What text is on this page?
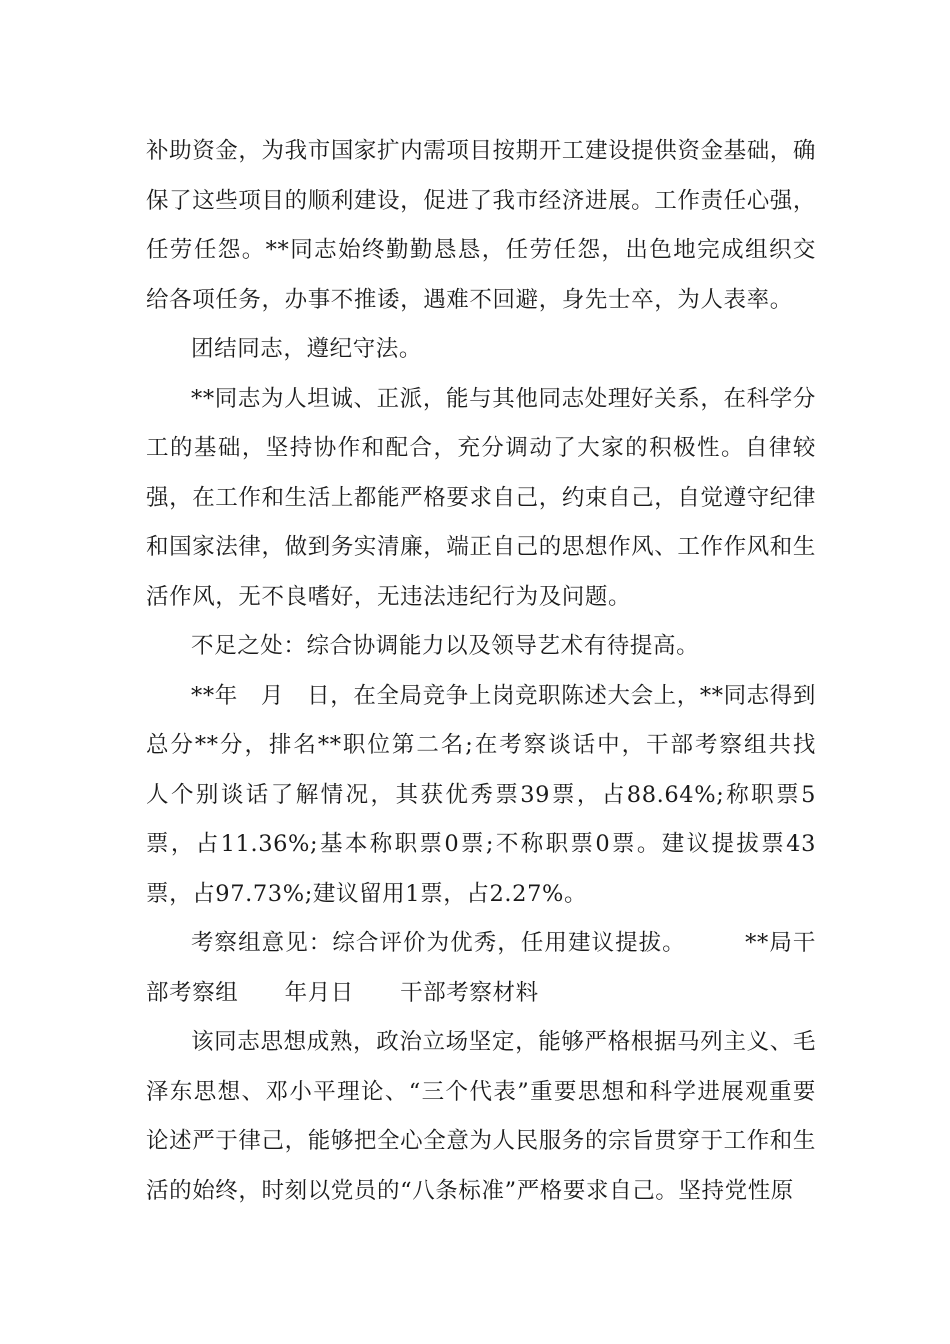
补助资金，为我市国家扩内需项目按期开工建设提供资金基础，确保了这些项目的顺利建设，促进了我市经济进展。工作责任心强，任劳任怨。**同志始终勤勤恳恳，任劳任怨，出色地完成组织交给各项任务，办事不推诿，遇难不回避，身先士卒，为人表率。

团结同志，遵纪守法。

**同志为人坦诚、正派，能与其他同志处理好关系，在科学分工的基础，坚持协作和配合，充分调动了大家的积极性。自律较强，在工作和生活上都能严格要求自己，约束自己，自觉遵守纪律和国家法律，做到务实清廉，端正自己的思想作风、工作作风和生活作风，无不良嗜好，无违法违纪行为及问题。

不足之处：综合协调能力以及领导艺术有待提高。

**年　月　日，在全局竞争上岗竞职陈述大会上，**同志得到总分**分，排名**职位第二名;在考察谈话中，干部考察组共找　人个别谈话了解情况，其获优秀票39票，占88.64%;称职票5票，占11.36%;基本称职票0票;不称职票0票。建议提拔票43票，占97.73%;建议留用1票，占2.27%。

考察组意见：综合评价为优秀，任用建议提拔。　　　**局干部考察组　　年月日　　干部考察材料

该同志思想成熟，政治立场坚定，能够严格根据马列主义、毛泽东思想、邓小平理论、“三个代表”重要思想和科学进展观重要论述严于律己，能够把全心全意为人民服务的宗旨贯穿于工作和生活的始终，时刻以党员的“八条标准”严格要求自己。坚持党性原
